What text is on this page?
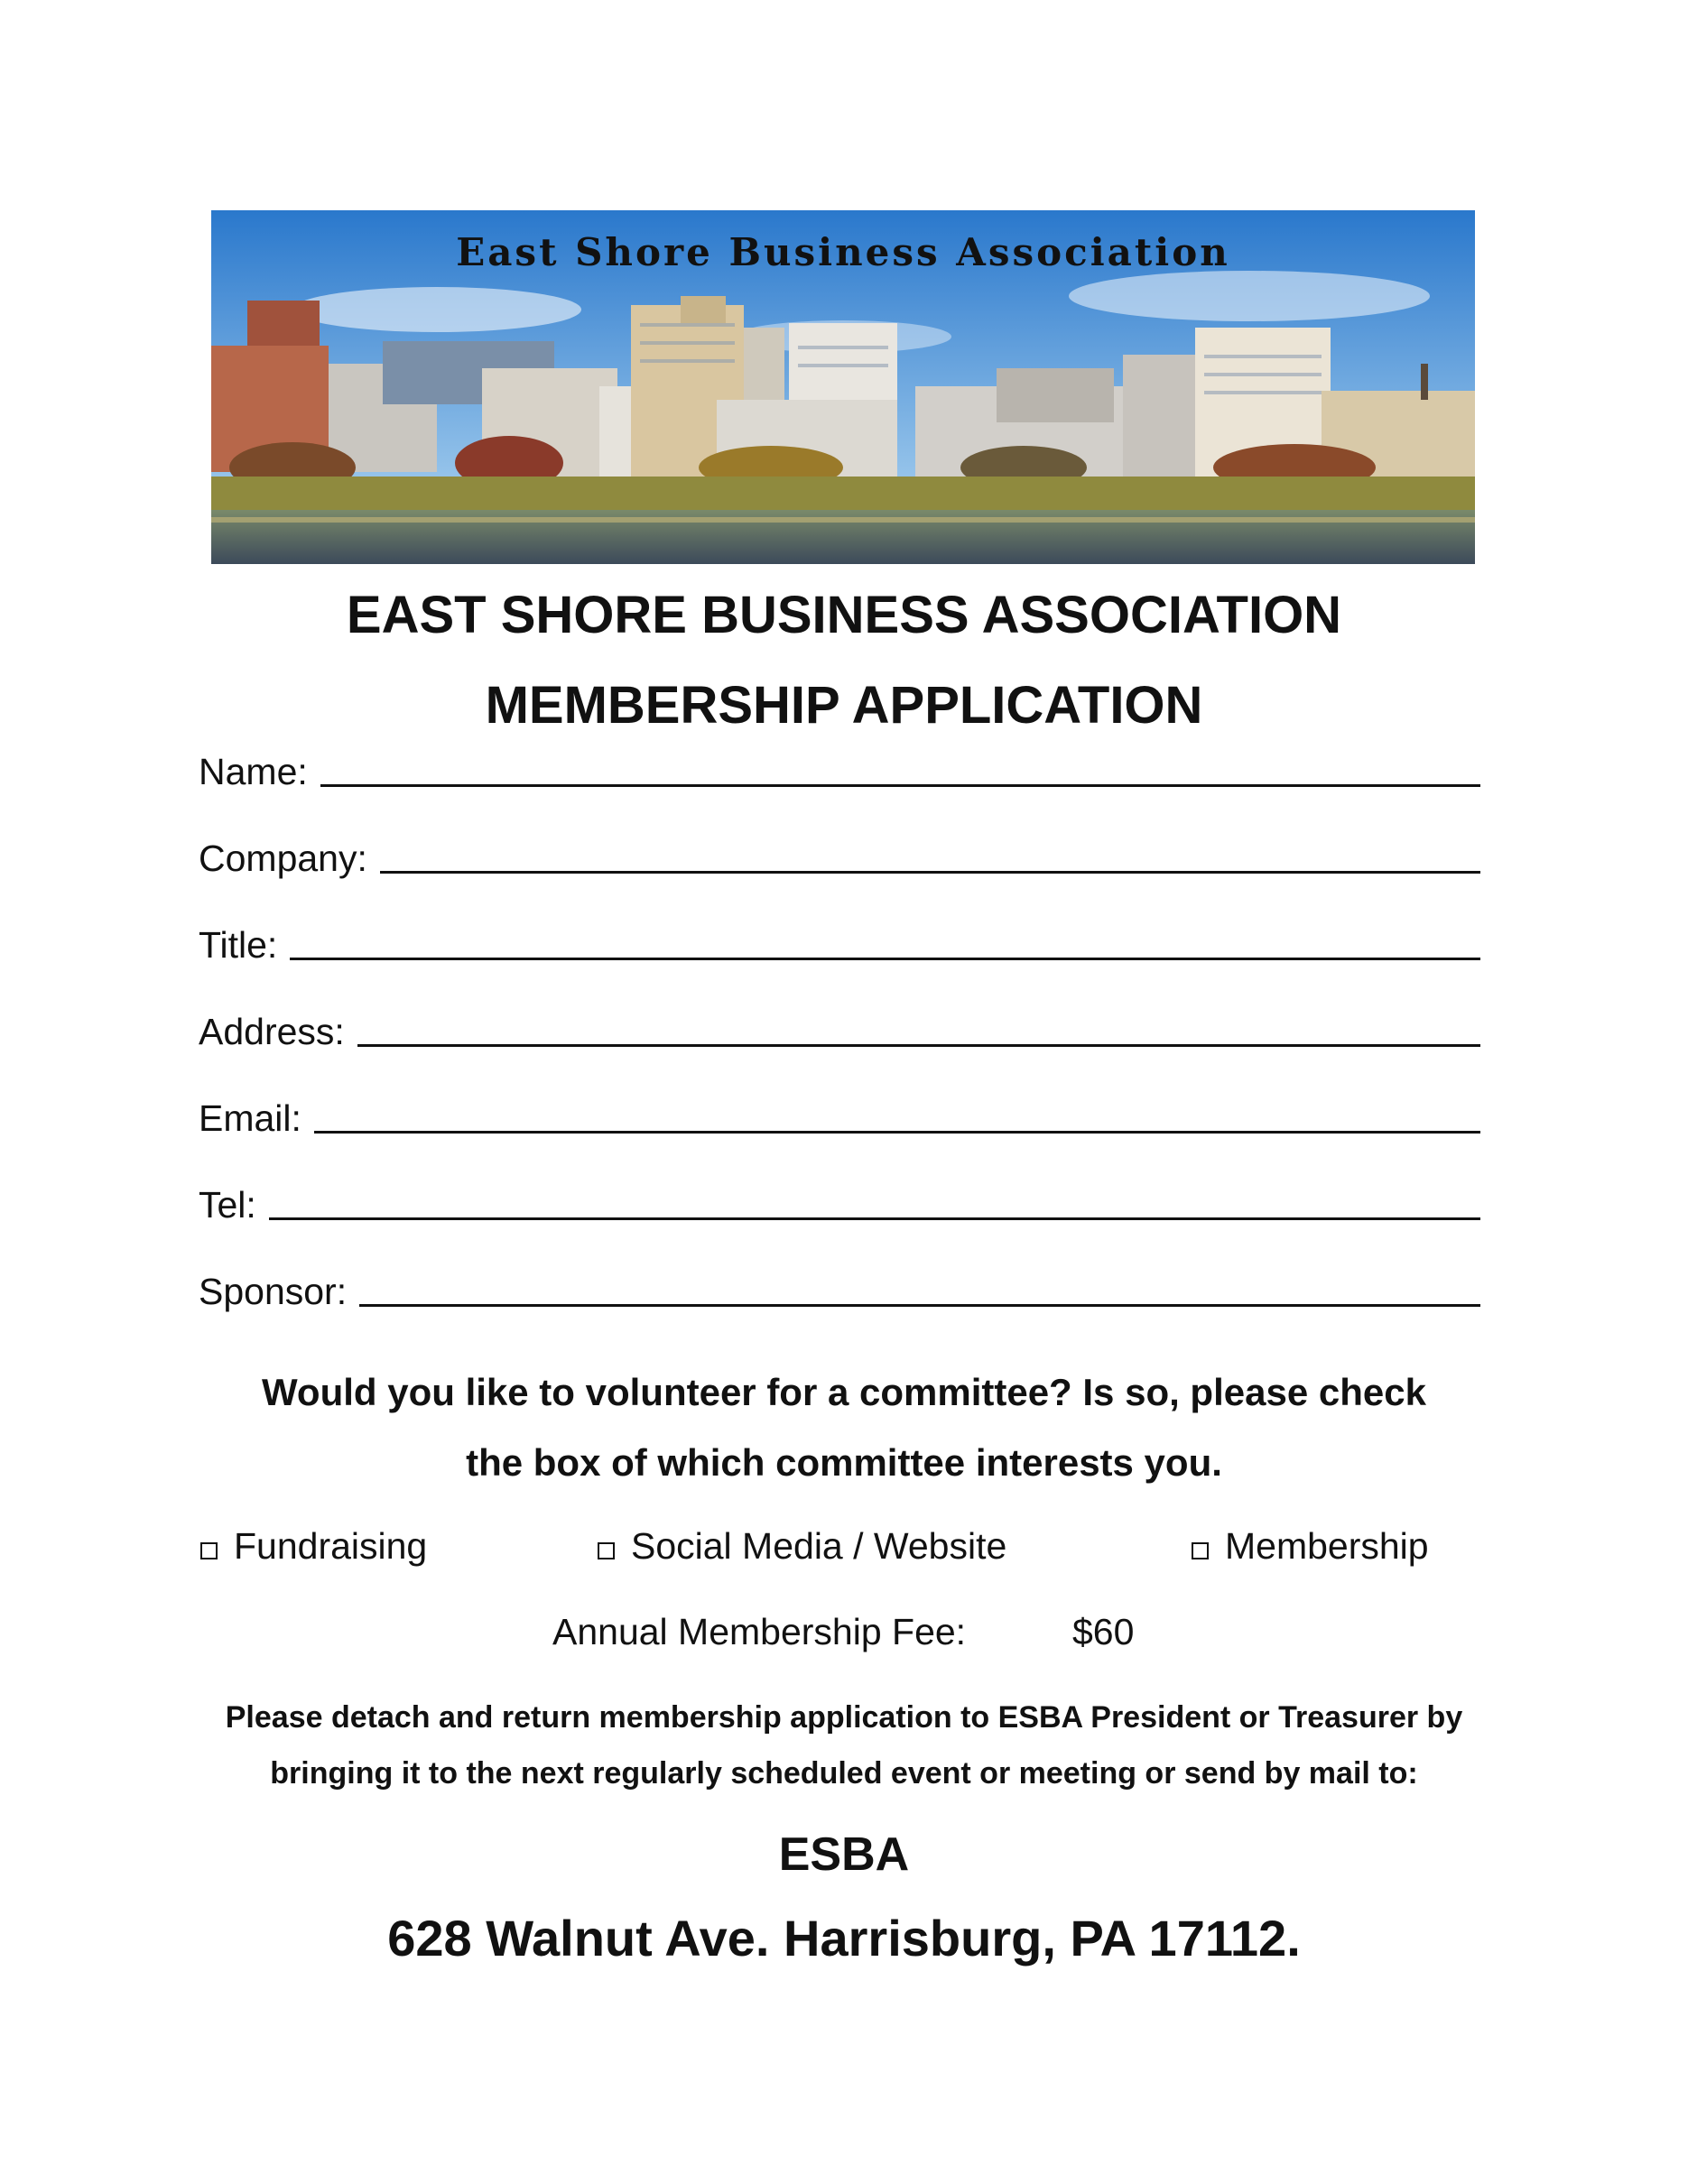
East Shore Business Association
EAST SHORE BUSINESS ASSOCIATION
MEMBERSHIP APPLICATION
Name:
Company:
Title:
Address:
Email:
Tel:
Sponsor:
Would you like to volunteer for a committee? Is so, please check
the box of which committee interests you.
Fundraising	Social Media / Website	Membership
Annual Membership Fee:	$60
Please detach and return membership application to ESBA President or Treasurer by
bringing it to the next regularly scheduled event or meeting or send by mail to:
ESBA
628 Walnut Ave. Harrisburg, PA 17112.
